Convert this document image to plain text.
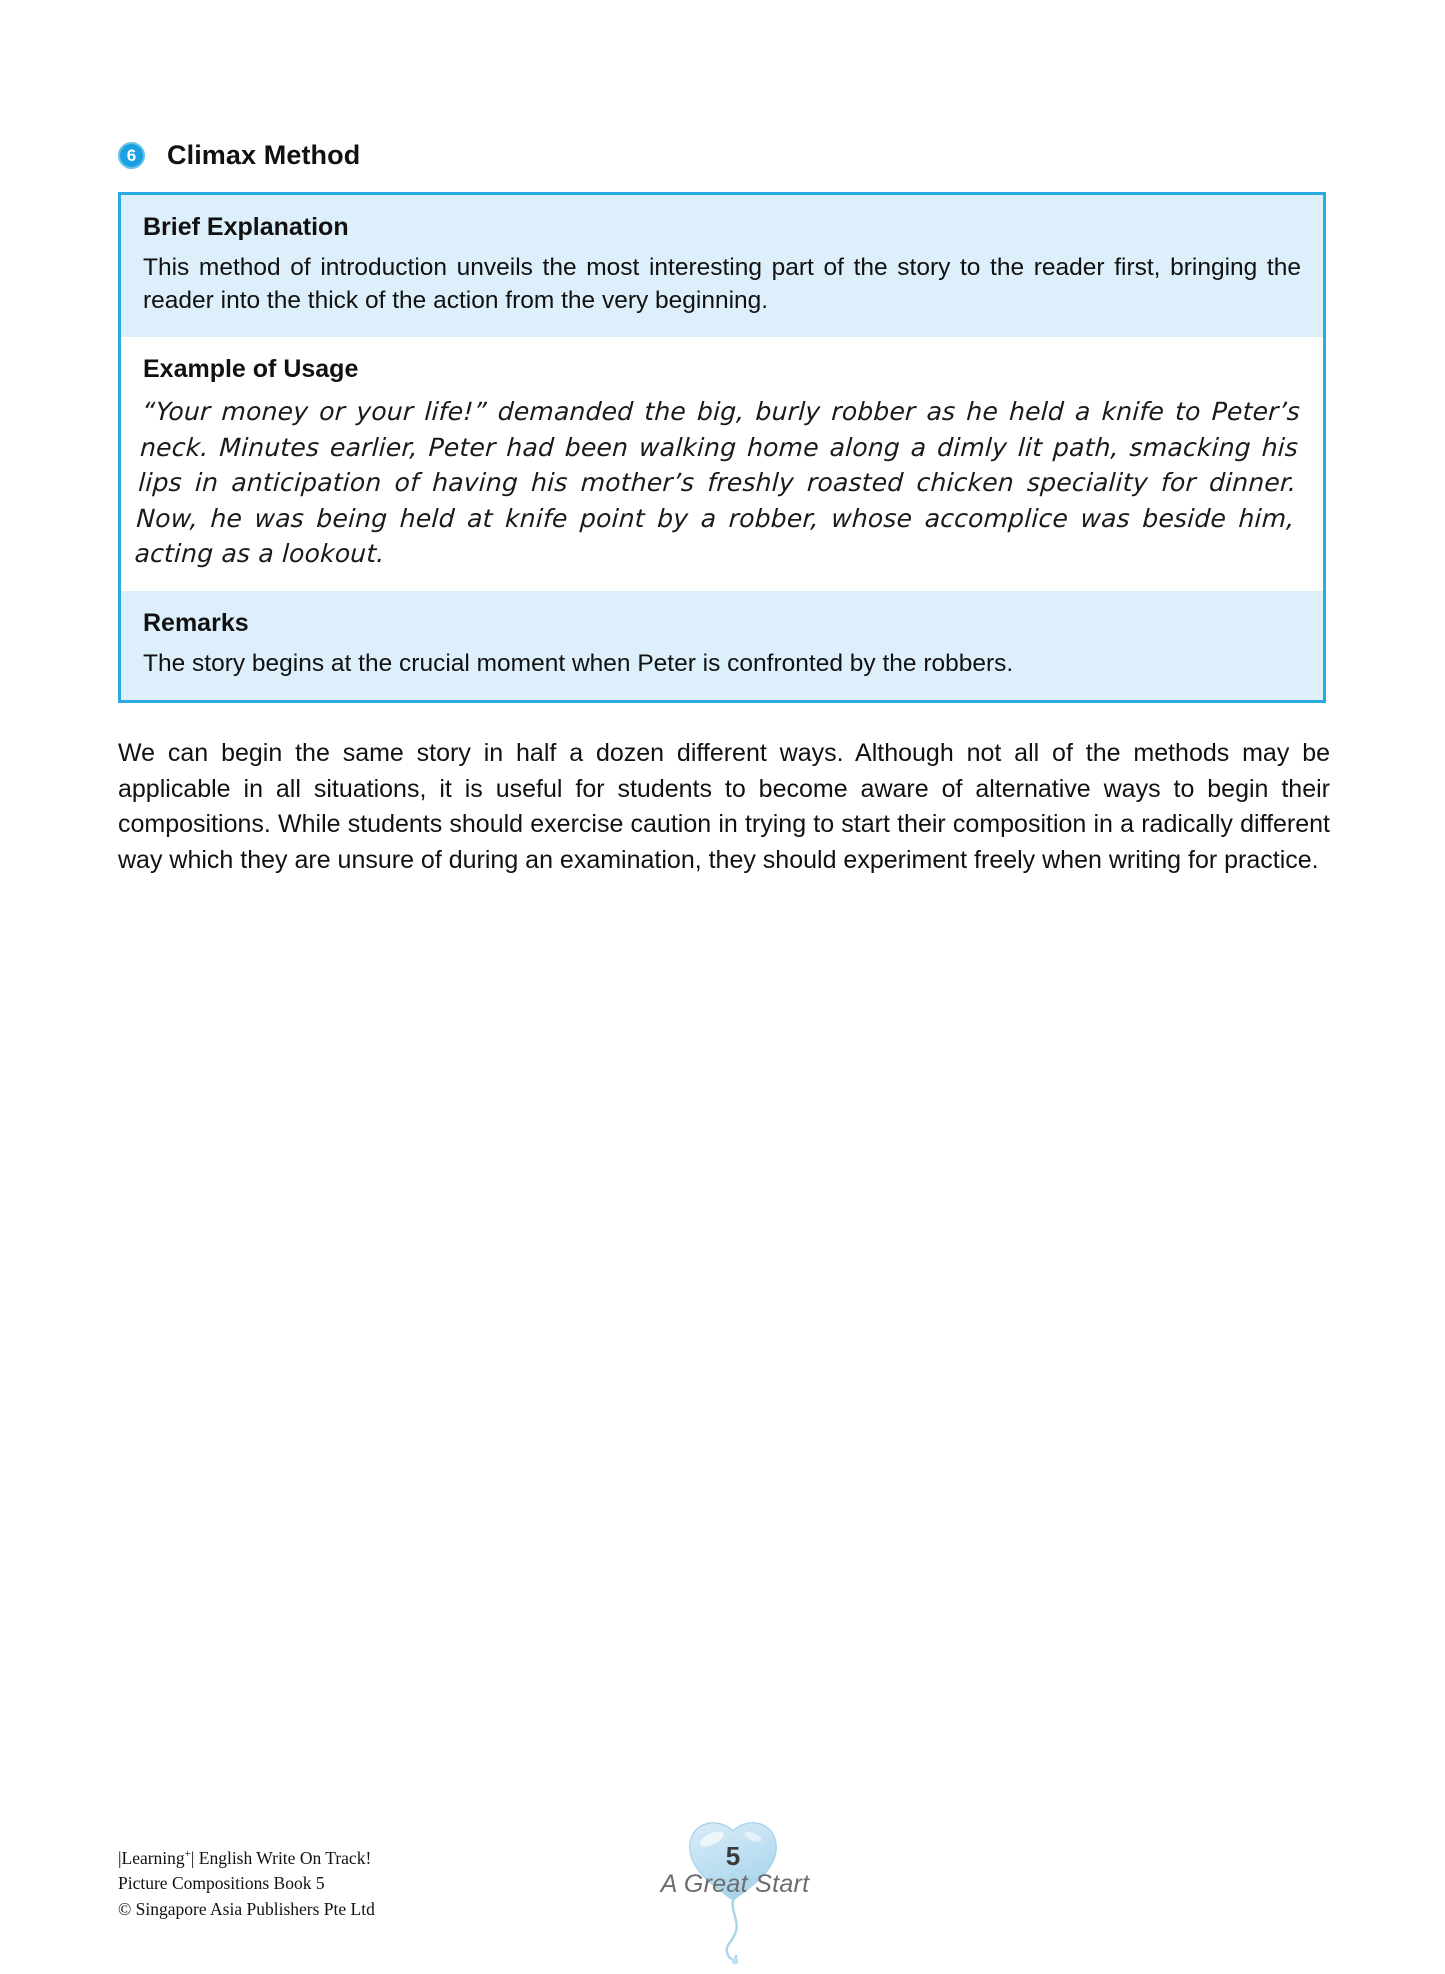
6	Climax Method
Brief Explanation
This method of introduction unveils the most interesting part of the story to the reader first, bringing the reader into the thick of the action from the very beginning.
Example of Usage
“Your money or your life!” demanded the big, burly robber as he held a knife to Peter’s neck. Minutes earlier, Peter had been walking home along a dimly lit path, smacking his lips in anticipation of having his mother’s freshly roasted chicken speciality for dinner. Now, he was being held at knife point by a robber, whose accomplice was beside him, acting as a lookout.
Remarks
The story begins at the crucial moment when Peter is confronted by the robbers.
We can begin the same story in half a dozen different ways. Although not all of the methods may be applicable in all situations, it is useful for students to become aware of alternative ways to begin their compositions. While students should exercise caution in trying to start their composition in a radically different way which they are unsure of during an examination, they should experiment freely when writing for practice.
|Learning+| English Write On Track!
Picture Compositions Book 5
© Singapore Asia Publishers Pte Ltd
5
A Great Start
